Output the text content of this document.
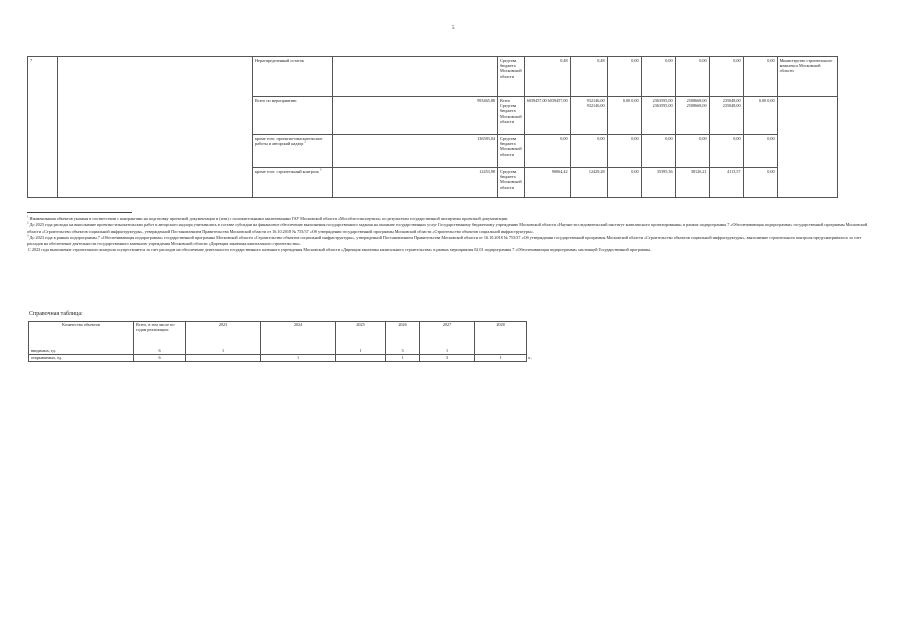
5
7		Нераспределенный остаток		Средства бюджета Московской области	0,48	0,48	0,00	0,00	0,00	0,00	0,00	Министерство строительного комплекса Московской области
		Всего по мероприятию:	993465,88	Всего Средства бюджета Московской области	6039457,00 6039457,00	932146,00 932146,00	0,00 0,00	2363595,00 2363595,00	2508668,00 2508668,00	235048,00 235048,00	0,00 0,00	
		кроме того: проектно-изыскательские работы и авторский надзор $^2$	136583,04	Средства бюджета Московской области	0,00	0,00	0,00	0,00	0,00	0,00	0,00	
		кроме того: строительный контроль $^3$	12453,98	Средства бюджета Московской области	90064,42	12429,28	0,00	35395,36	38126,21	4113,57	0,00	

$^1$ Наименования объектов указаны в соответствии с контрактами на подготовку проектной документации и (или) с положительными заключениями ГАУ Московской области «Мособлгосэкспертиза» по результатам государственной экспертизы проектной документации.

$^2$ До 2023 года расходы на выполнение проектно-изыскательских работ и авторского надзора учитывались в составе субсидии на финансовое обеспечение выполнения государственного задания на оказание государственных услуг Государственному бюджетному учреждению Московской области «Научно-исследовательский институт комплексного проектирования» в рамках подпрограммы 7 «Обеспечивающая подпрограмма» государственной программы Московской области «Строительство объектов социальной инфраструктуры», утвержденной Постановлением Правительства Московской области от 16.10.2018 № 753/37 «Об утверждении государственной программы Московской области «Строительство объектов социальной инфраструктуры».

$^3$ До 2023 года в рамках подпрограммы 7 «Обеспечивающая подпрограмма» государственной программы Московской области «Строительство объектов социальной инфраструктуры», утвержденной Постановлением Правительства Московской области от 16.10.2018 № 753/37 «Об утверждении государственной программы Московской области «Строительство объектов социальной инфраструктуры», выполнение строительного контроля предусматривалось за счет расходов на обеспечение деятельности государственного казенного учреждения Московской области «Дирекция заказчика капитального строительства».

С 2023 года выполнение строительного контроля осуществляется за счет расходов на обеспечение деятельности государственного казенного учреждения Московской области «Дирекция заказчика капитального строительства» в рамках мероприятия 02.01 подпрограммы 7 «Обеспечивающая подпрограмма» настоящей Государственной программы.

Справочная таблица:
Количество объектов	Всего, в том числе по годам реализации:	2023	2024	2025	2026	2027	2028

вводимых, ед.	6	1		1	3	1	
открываемых, ед.	6		1		1	3	1	».
